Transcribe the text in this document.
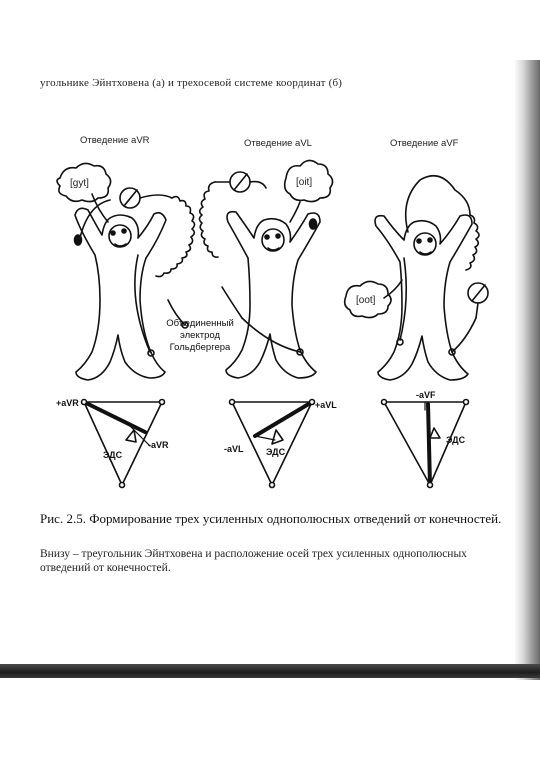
угольнике Эйнтховена (а) и трехосевой системе координат (б)
Отведение aVR	Отведение aVL	Отведение aVF
[gyt]	[oit]
[oot]
Объединенный
электрод
Гольдбергера
+aVR
-aVR
ЭДС
+aVL
-aVL ЭДС
-aVF
ЭДС
Рис. 2.5. Формирование трех усиленных однополюсных отведений от конечностей.
Внизу – треугольник Эйнтховена и расположение осей трех усиленных однополюсных отведений от конечностей.
